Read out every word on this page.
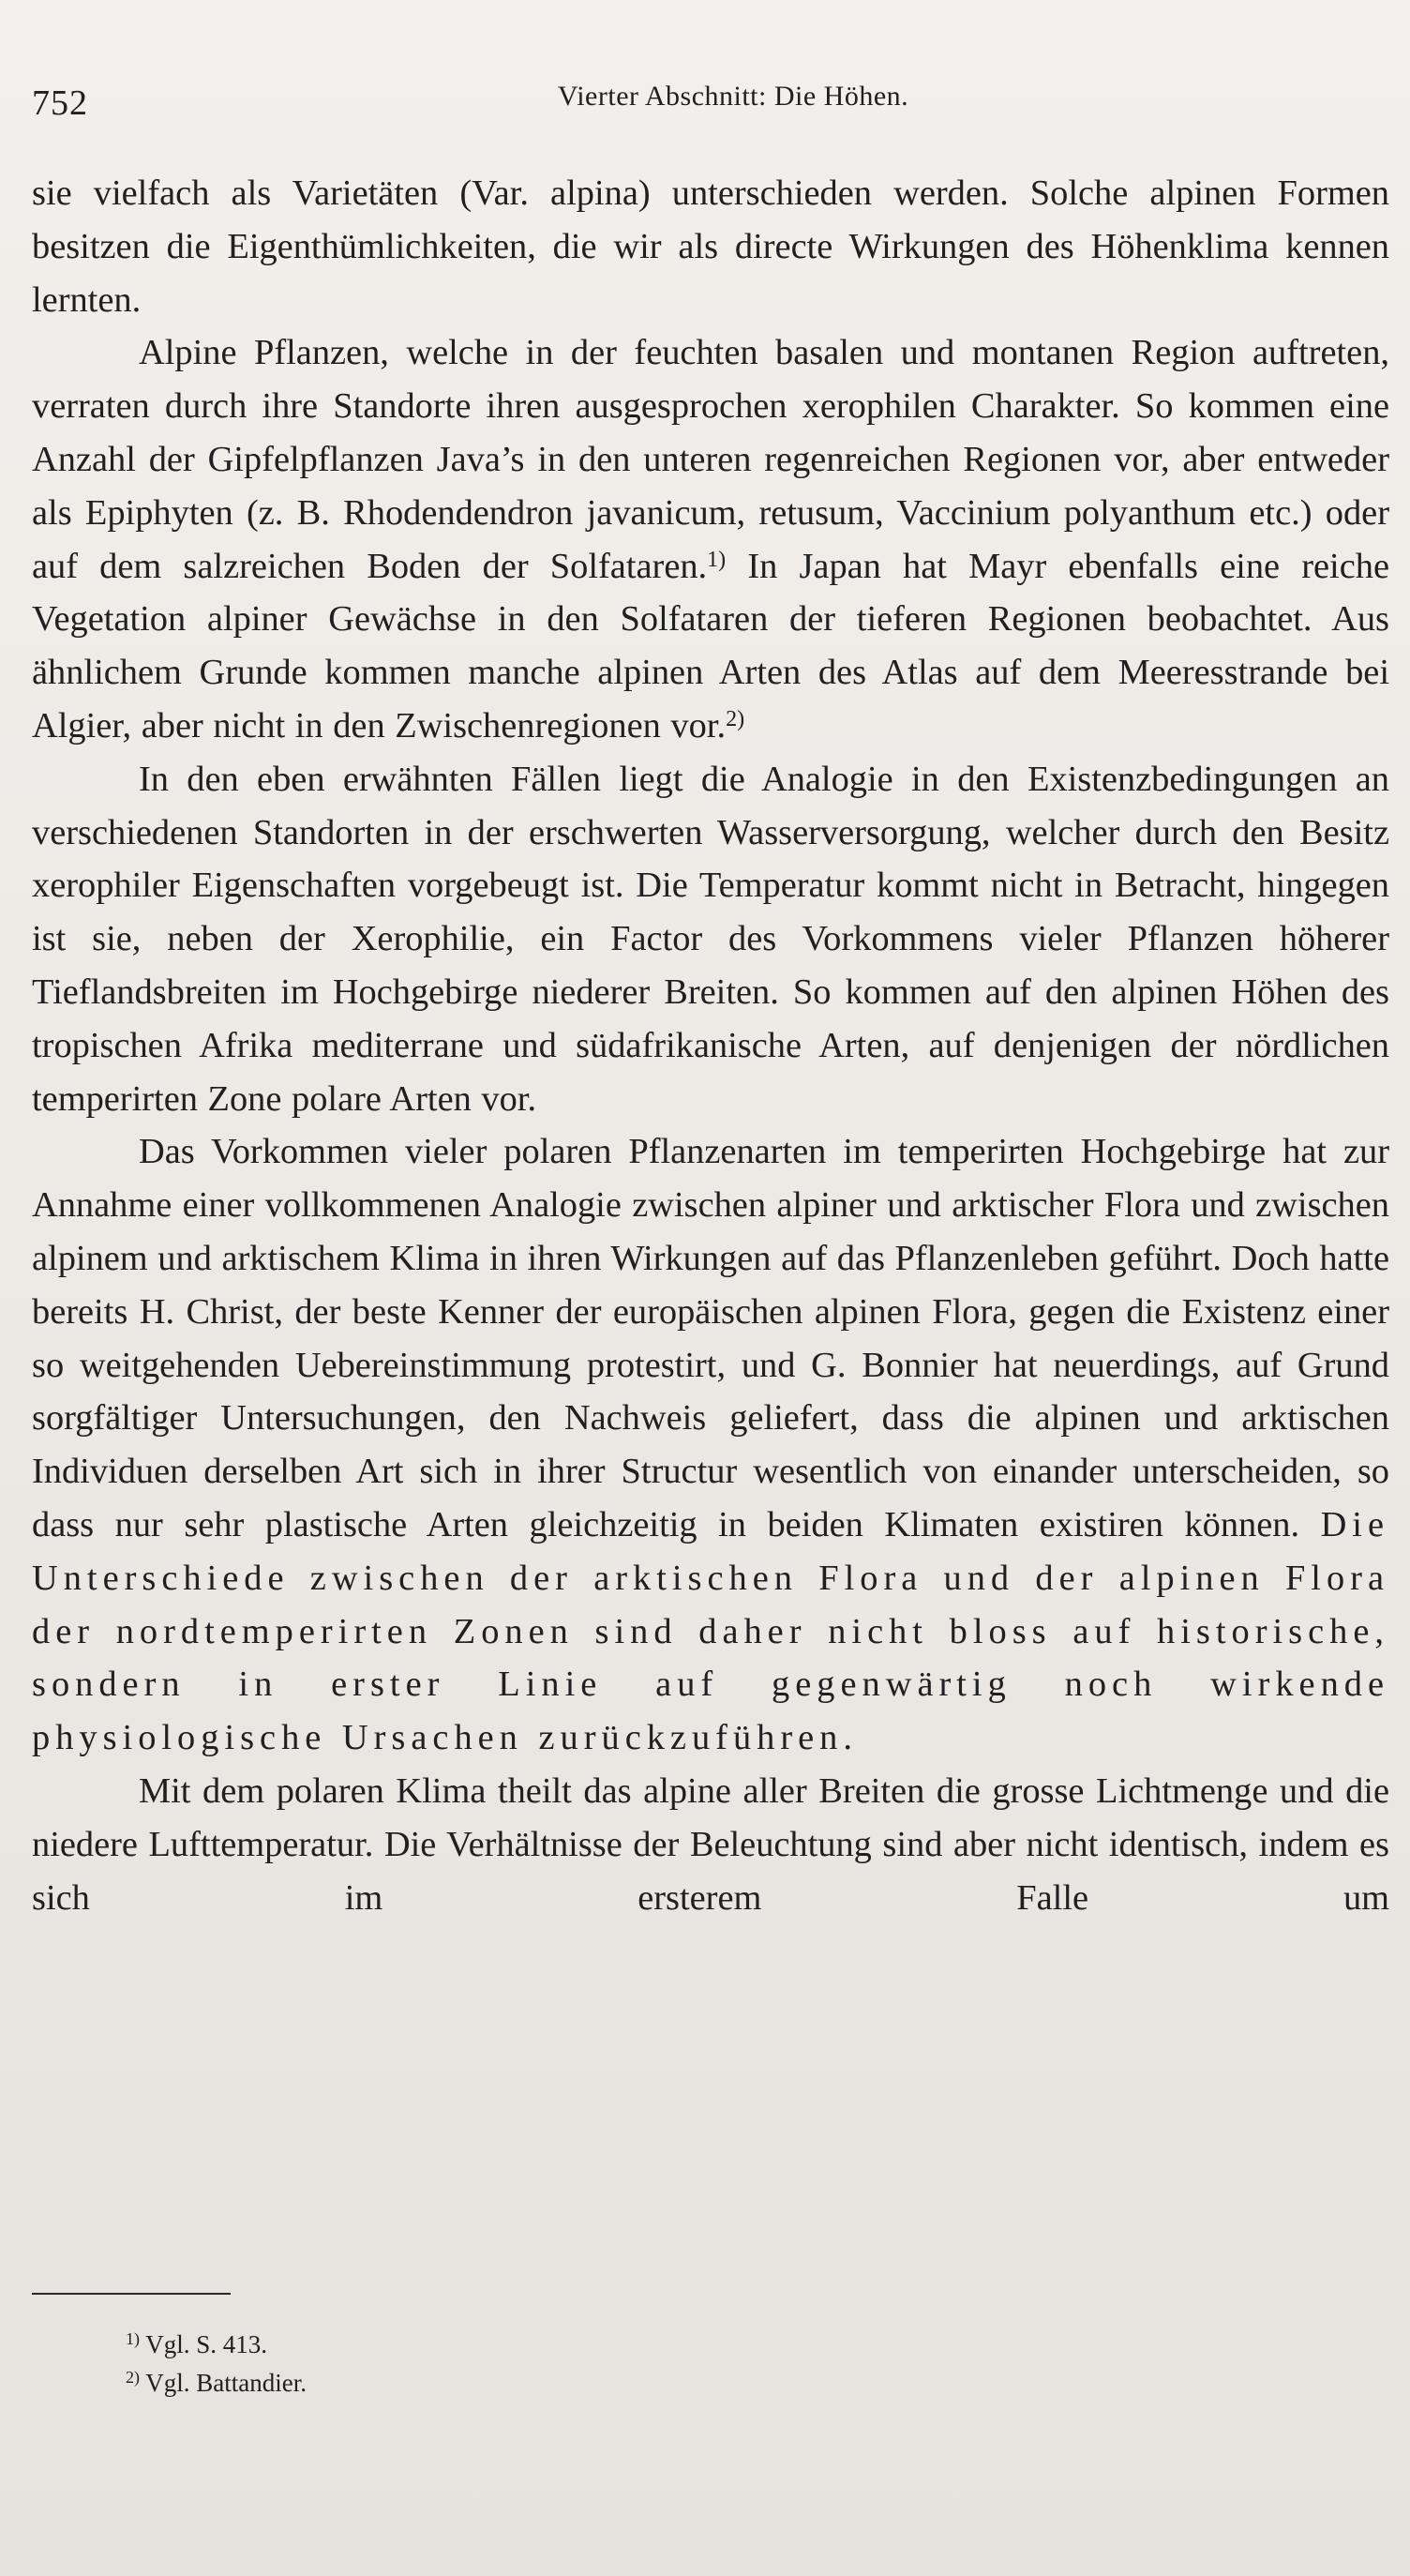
752	Vierter Abschnitt: Die Höhen.

sie vielfach als Varietäten (Var. alpina) unterschieden werden. Solche alpinen Formen besitzen die Eigenthümlichkeiten, die wir als directe Wirkungen des Höhenklima kennen lernten.

Alpine Pflanzen, welche in der feuchten basalen und montanen Region auftreten, verraten durch ihre Standorte ihren ausgesprochen xerophilen Charakter. So kommen eine Anzahl der Gipfelpflanzen Java’s in den unteren regenreichen Regionen vor, aber entweder als Epiphyten (z. B. Rhodendendron javanicum, retusum, Vaccinium polyanthum etc.) oder auf dem salzreichen Boden der Solfataren.$^{1)}$ In Japan hat Mayr ebenfalls eine reiche Vegetation alpiner Gewächse in den Solfataren der tieferen Regionen beobachtet. Aus ähnlichem Grunde kommen manche alpinen Arten des Atlas auf dem Meeresstrande bei Algier, aber nicht in den Zwischenregionen vor.$^{2)}$

In den eben erwähnten Fällen liegt die Analogie in den Existenzbedingungen an verschiedenen Standorten in der erschwerten Wasserversorgung, welcher durch den Besitz xerophiler Eigenschaften vorgebeugt ist. Die Temperatur kommt nicht in Betracht, hingegen ist sie, neben der Xerophilie, ein Factor des Vorkommens vieler Pflanzen höherer Tieflandsbreiten im Hochgebirge niederer Breiten. So kommen auf den alpinen Höhen des tropischen Afrika mediterrane und südafrikanische Arten, auf denjenigen der nördlichen temperirten Zone polare Arten vor.

Das Vorkommen vieler polaren Pflanzenarten im temperirten Hochgebirge hat zur Annahme einer vollkommenen Analogie zwischen alpiner und arktischer Flora und zwischen alpinem und arktischem Klima in ihren Wirkungen auf das Pflanzenleben geführt. Doch hatte bereits H. Christ, der beste Kenner der europäischen alpinen Flora, gegen die Existenz einer so weitgehenden Uebereinstimmung protestirt, und G. Bonnier hat neuerdings, auf Grund sorgfältiger Untersuchungen, den Nachweis geliefert, dass die alpinen und arktischen Individuen derselben Art sich in ihrer Structur wesentlich von einander unterscheiden, so dass nur sehr plastische Arten gleichzeitig in beiden Klimaten existiren können. Die Unterschiede zwischen der arktischen Flora und der alpinen Flora der nordtemperirten Zonen sind daher nicht bloss auf historische, sondern in erster Linie auf gegenwärtig noch wirkende physiologische Ursachen zurückzuführen.

Mit dem polaren Klima theilt das alpine aller Breiten die grosse Lichtmenge und die niedere Lufttemperatur. Die Verhältnisse der Beleuchtung sind aber nicht identisch, indem es sich im ersterem Falle um

$^{1)}$ Vgl. S. 413.
$^{2)}$ Vgl. Battandier.
